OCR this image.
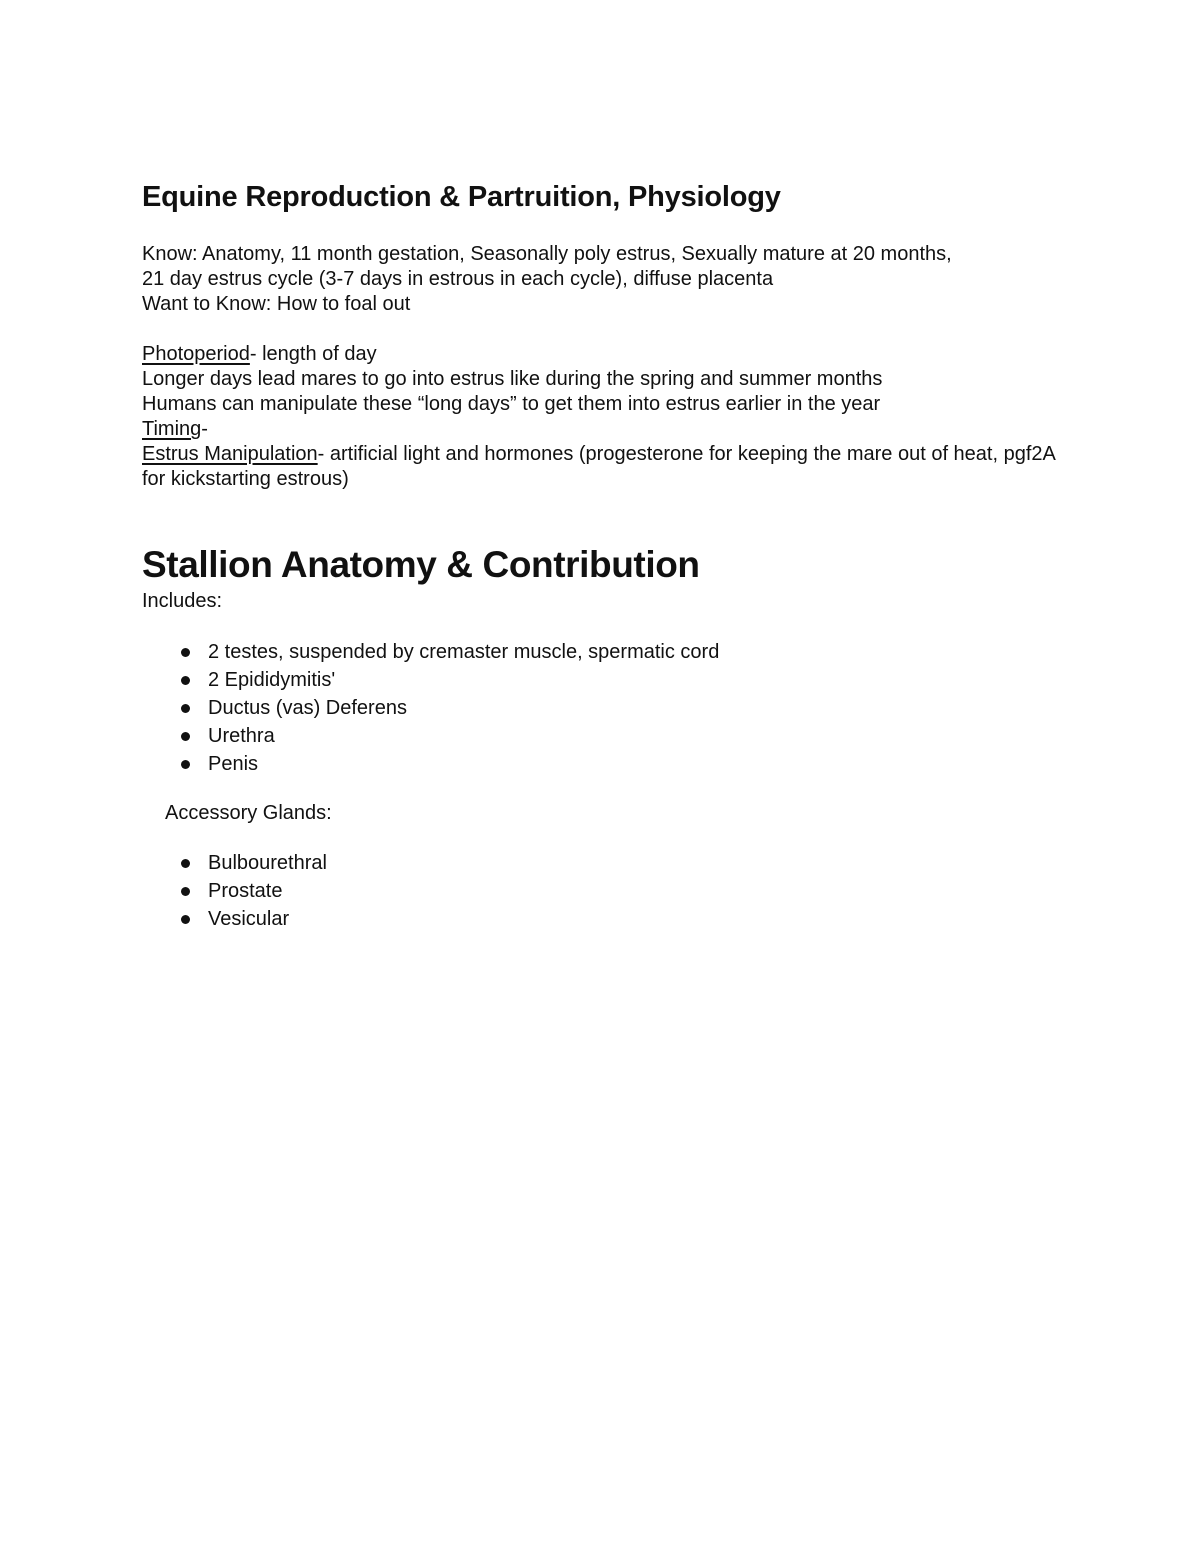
Equine Reproduction & Partruition, Physiology

Know: Anatomy, 11 month gestation, Seasonally poly estrus, Sexually mature at 20 months,

21 day estrus cycle (3-7 days in estrous in each cycle), diffuse placenta

Want to Know: How to foal out

Photoperiod- length of day

Longer days lead mares to go into estrus like during the spring and summer months

Humans can manipulate these “long days” to get them into estrus earlier in the year

Timing-

Estrus Manipulation- artificial light and hormones (progesterone for keeping the mare out of heat, pgf2A for kickstarting estrous)

Stallion Anatomy & Contribution

Includes:

2 testes, suspended by cremaster muscle, spermatic cord
2 Epididymitis'
Ductus (vas) Deferens
Urethra
Penis

Accessory Glands:

Bulbourethral
Prostate
Vesicular
